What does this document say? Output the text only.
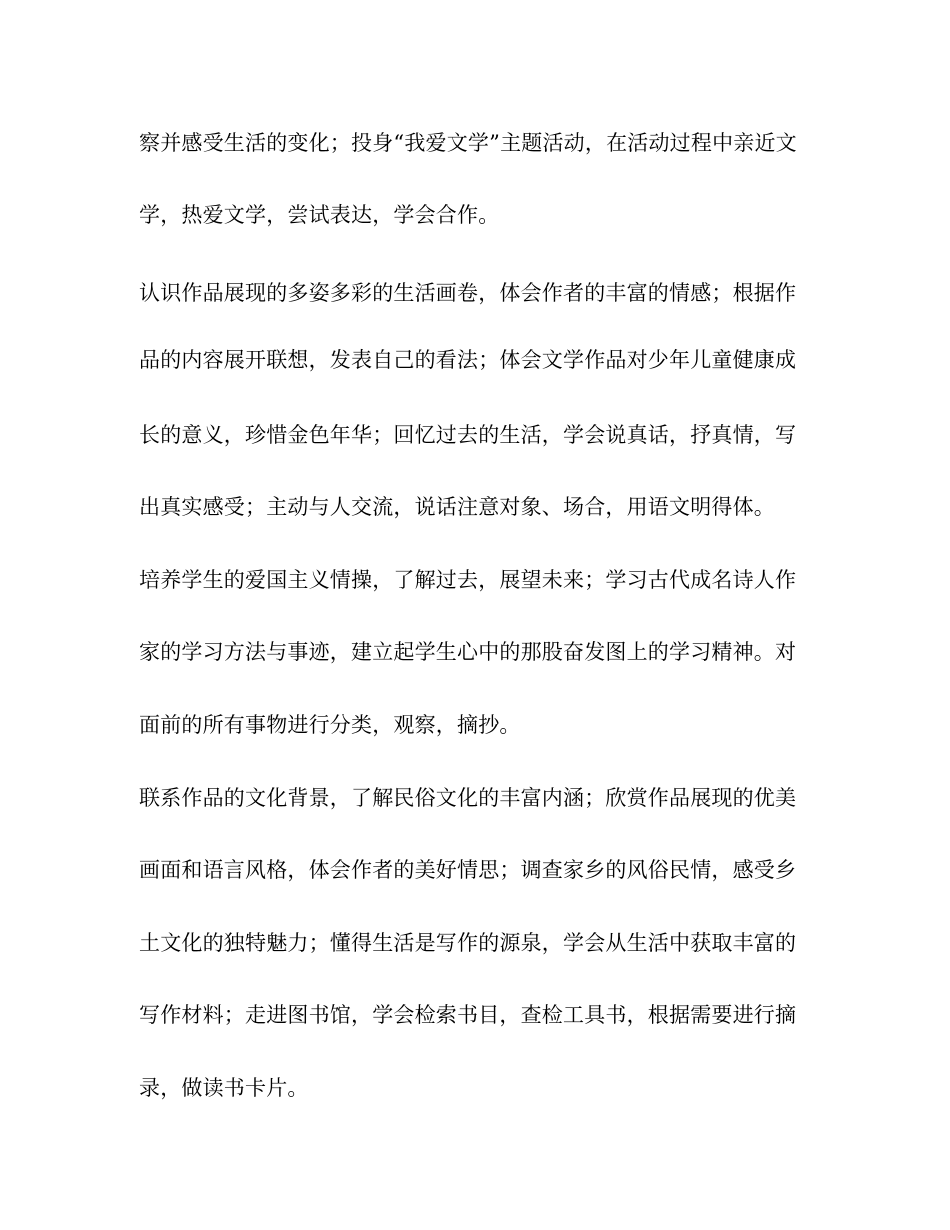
察并感受生活的变化；投身“我爱文学”主题活动，在活动过程中亲近文
学，热爱文学，尝试表达，学会合作。
认识作品展现的多姿多彩的生活画卷，体会作者的丰富的情感；根据作
品的内容展开联想，发表自己的看法；体会文学作品对少年儿童健康成
长的意义，珍惜金色年华；回忆过去的生活，学会说真话，抒真情，写
出真实感受；主动与人交流，说话注意对象、场合，用语文明得体。
培养学生的爱国主义情操，了解过去，展望未来；学习古代成名诗人作
家的学习方法与事迹，建立起学生心中的那股奋发图上的学习精神。对
面前的所有事物进行分类，观察，摘抄。
联系作品的文化背景，了解民俗文化的丰富内涵；欣赏作品展现的优美
画面和语言风格，体会作者的美好情思；调查家乡的风俗民情，感受乡
土文化的独特魅力；懂得生活是写作的源泉，学会从生活中获取丰富的
写作材料；走进图书馆，学会检索书目，查检工具书，根据需要进行摘
录，做读书卡片。
